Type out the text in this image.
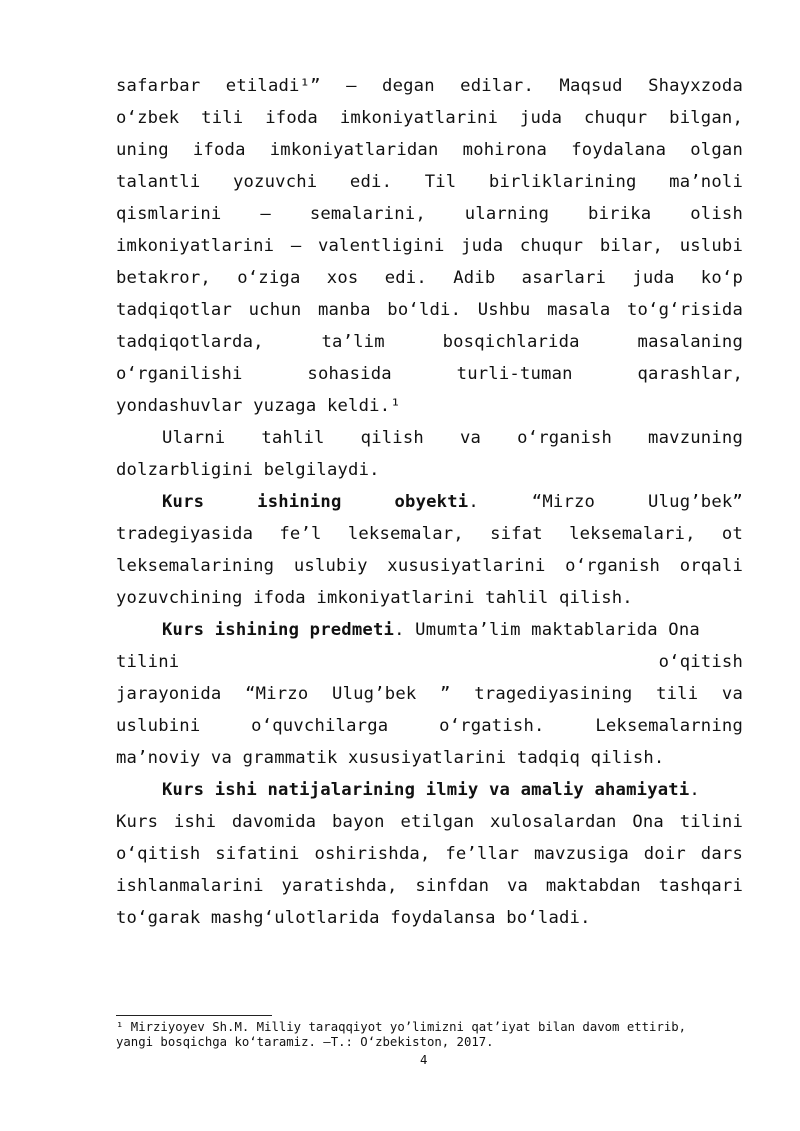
safarbar etiladi¹” – degan edilar. Maqsud Shayxzoda
o‘zbek tili ifoda imkoniyatlarini juda chuqur bilgan,
uning ifoda imkoniyatlaridan mohirona foydalana olgan
talantli yozuvchi edi. Til birliklarining ma’noli
qismlarini – semalarini, ularning birika olish
imkoniyatlarini – valentligini juda chuqur bilar, uslubi
betakror, o‘ziga xos edi. Adib asarlari juda ko‘p
tadqiqotlar uchun manba bo‘ldi. Ushbu masala to‘g‘risida
tadqiqotlarda, ta’lim bosqichlarida masalaning
o‘rganilishi sohasida turli-tuman qarashlar,
yondashuvlar yuzaga keldi.¹

Ularni tahlil qilish va o‘rganish mavzuning
dolzarbligini belgilaydi.

Kurs ishining obyekti. “Mirzo Ulug’bek”
tradegiyasida fe’l leksemalar, sifat leksemalari, ot
leksemalarining uslubiy xususiyatlarini o‘rganish orqali
yozuvchining ifoda imkoniyatlarini tahlil qilish.

Kurs ishining predmeti. Umumta’lim maktablarida Ona
tilini	o‘qitish
jarayonida “Mirzo Ulug’bek ” tragediyasining tili va
uslubini o‘quvchilarga o‘rgatish. Leksemalarning
ma’noviy va grammatik xususiyatlarini tadqiq qilish.

Kurs ishi natijalarining ilmiy va amaliy ahamiyati.
Kurs ishi davomida bayon etilgan xulosalardan Ona tilini
o‘qitish sifatini oshirishda, fe’llar mavzusiga doir dars
ishlanmalarini yaratishda, sinfdan va maktabdan tashqari
to‘garak mashg‘ulotlarida foydalansa bo‘ladi.

¹ Mirziyoyev Sh.M. Milliy taraqqiyot yo’limizni qat’iyat bilan davom ettirib,
yangi bosqichga ko‘taramiz. –T.: O‘zbekiston, 2017.
4
